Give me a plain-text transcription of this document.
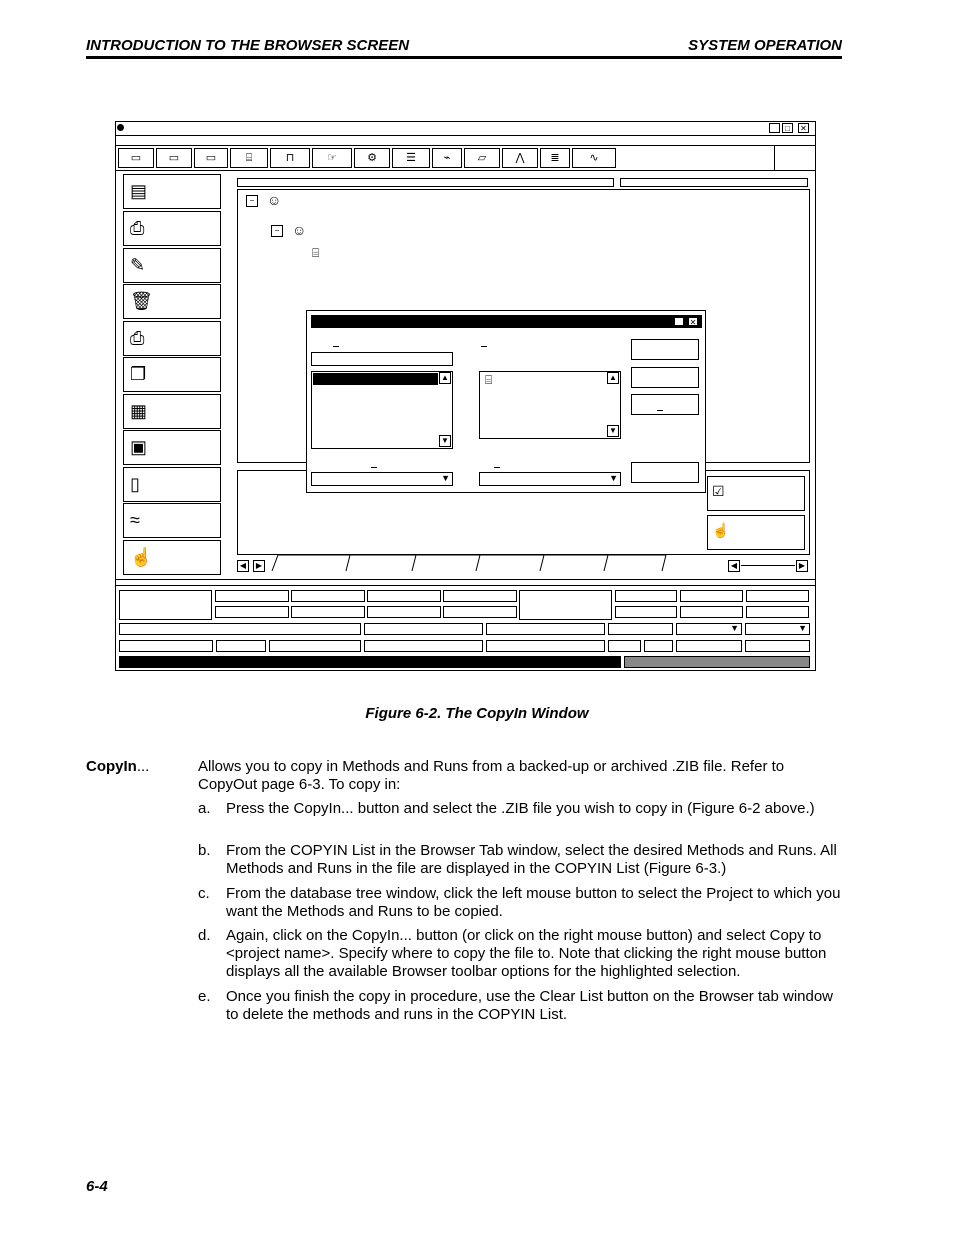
INTRODUCTION TO THE BROWSER SCREEN	SYSTEM OPERATION
_	□	✕
▭	▭	▭	⌸	⊓	☞	⚙	☰	⌁	▱	⋀	≣	∿
▤
⎙
✎
🗑
⎙
❐
▦
▣
▯
≈
☝
− ☺
− ☺
⌸
☑
☝
◀	▶	◀	▶
_	✕
▲
▼
⌸	▲
▼
▼	▼
▼	▼
Figure 6-2. The CopyIn Window
CopyIn...	Allows you to copy in Methods and Runs from a backed-up or archived .ZIB file. Refer to CopyOut page 6-3. To copy in:
a. Press the CopyIn... button and select the .ZIB file you wish to copy in (Figure 6-2 above.)
b. From the COPYIN List in the Browser Tab window, select the desired Methods and Runs. All Methods and Runs in the file are displayed in the COPYIN List (Figure 6-3.)
c. From the database tree window, click the left mouse button to select the Project to which you want the Methods and Runs to be copied.
d. Again, click on the CopyIn... button (or click on the right mouse button) and select Copy to <project name>. Specify where to copy the file to. Note that clicking the right mouse button displays all the available Browser toolbar options for the highlighted selection.
e. Once you finish the copy in procedure, use the Clear List button on the Browser tab window to delete the methods and runs in the COPYIN List.
6-4
